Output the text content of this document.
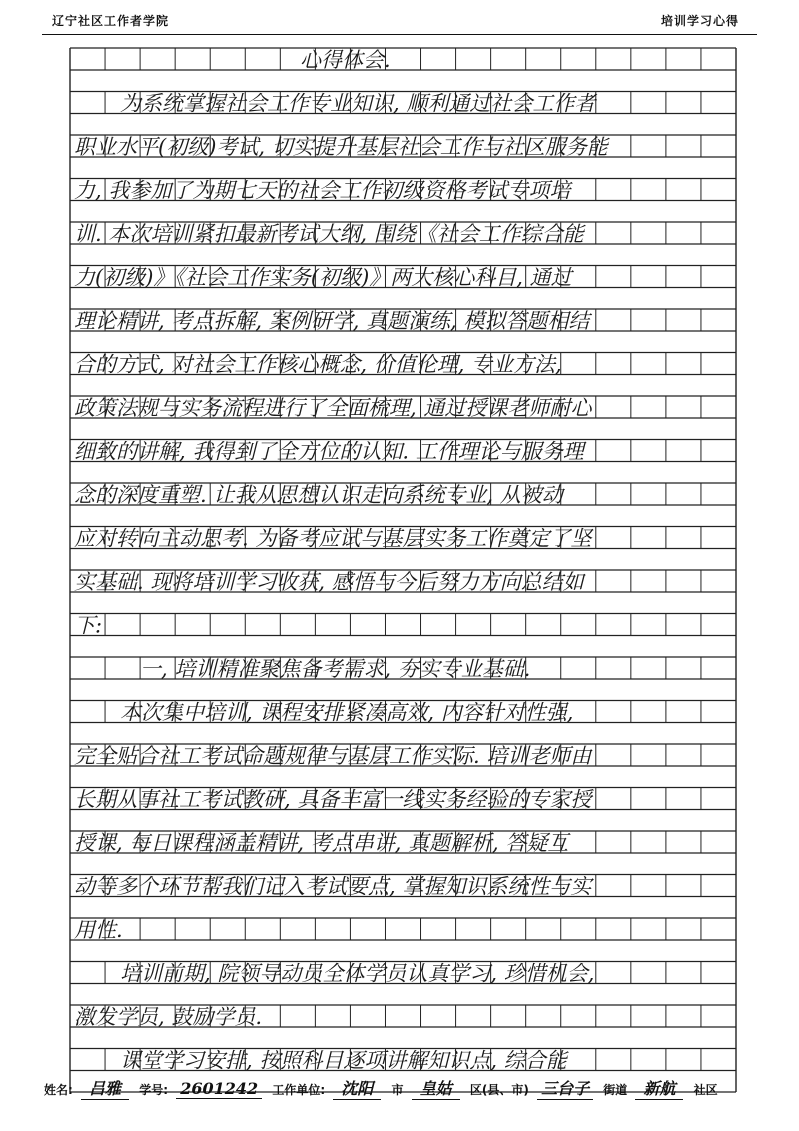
辽宁社区工作者学院	培训学习心得
心得体会.
为系统掌握社会工作专业知识, 顺利通过社会工作者
职业水平(初级)考试, 切实提升基层社会工作与社区服务能
力, 我参加了为期七天的社会工作初级资格考试专项培
训. 本次培训紧扣最新考试大纲, 围绕《社会工作综合能
力(初级)》《社会工作实务(初级)》两大核心科目, 通过
理论精讲, 考点拆解, 案例研学, 真题演练, 模拟答题相结
合的方式, 对社会工作核心概念, 价值伦理, 专业方法,
政策法规与实务流程进行了全面梳理, 通过授课老师耐心
细致的讲解, 我得到了全方位的认知. 工作理论与服务理
念的深度重塑. 让我从思想认识走向系统专业, 从被动
应对转向主动思考. 为备考应试与基层实务工作奠定了坚
实基础. 现将培训学习收获, 感悟与今后努力方向总结如
下:
一, 培训精准聚焦备考需求, 夯实专业基础.
本次集中培训, 课程安排紧凑高效, 内容针对性强,
完全贴合社工考试命题规律与基层工作实际. 培训老师由
长期从事社工考试教研, 具备丰富一线实务经验的专家授
授课, 每日课程涵盖精讲, 考点串讲, 真题解析, 答疑互
动等多个环节帮我们记入考试要点, 掌握知识系统性与实
用性.
培训前期, 院领导动员全体学员认真学习, 珍惜机会,
激发学员, 鼓励学员.
课堂学习安排, 按照科目逐项讲解知识点, 综合能
姓名: 吕雅 学号: 2601242 工作单位: 沈阳 市 皇姑 区(县、市) 三台子 街道 新航 社区
